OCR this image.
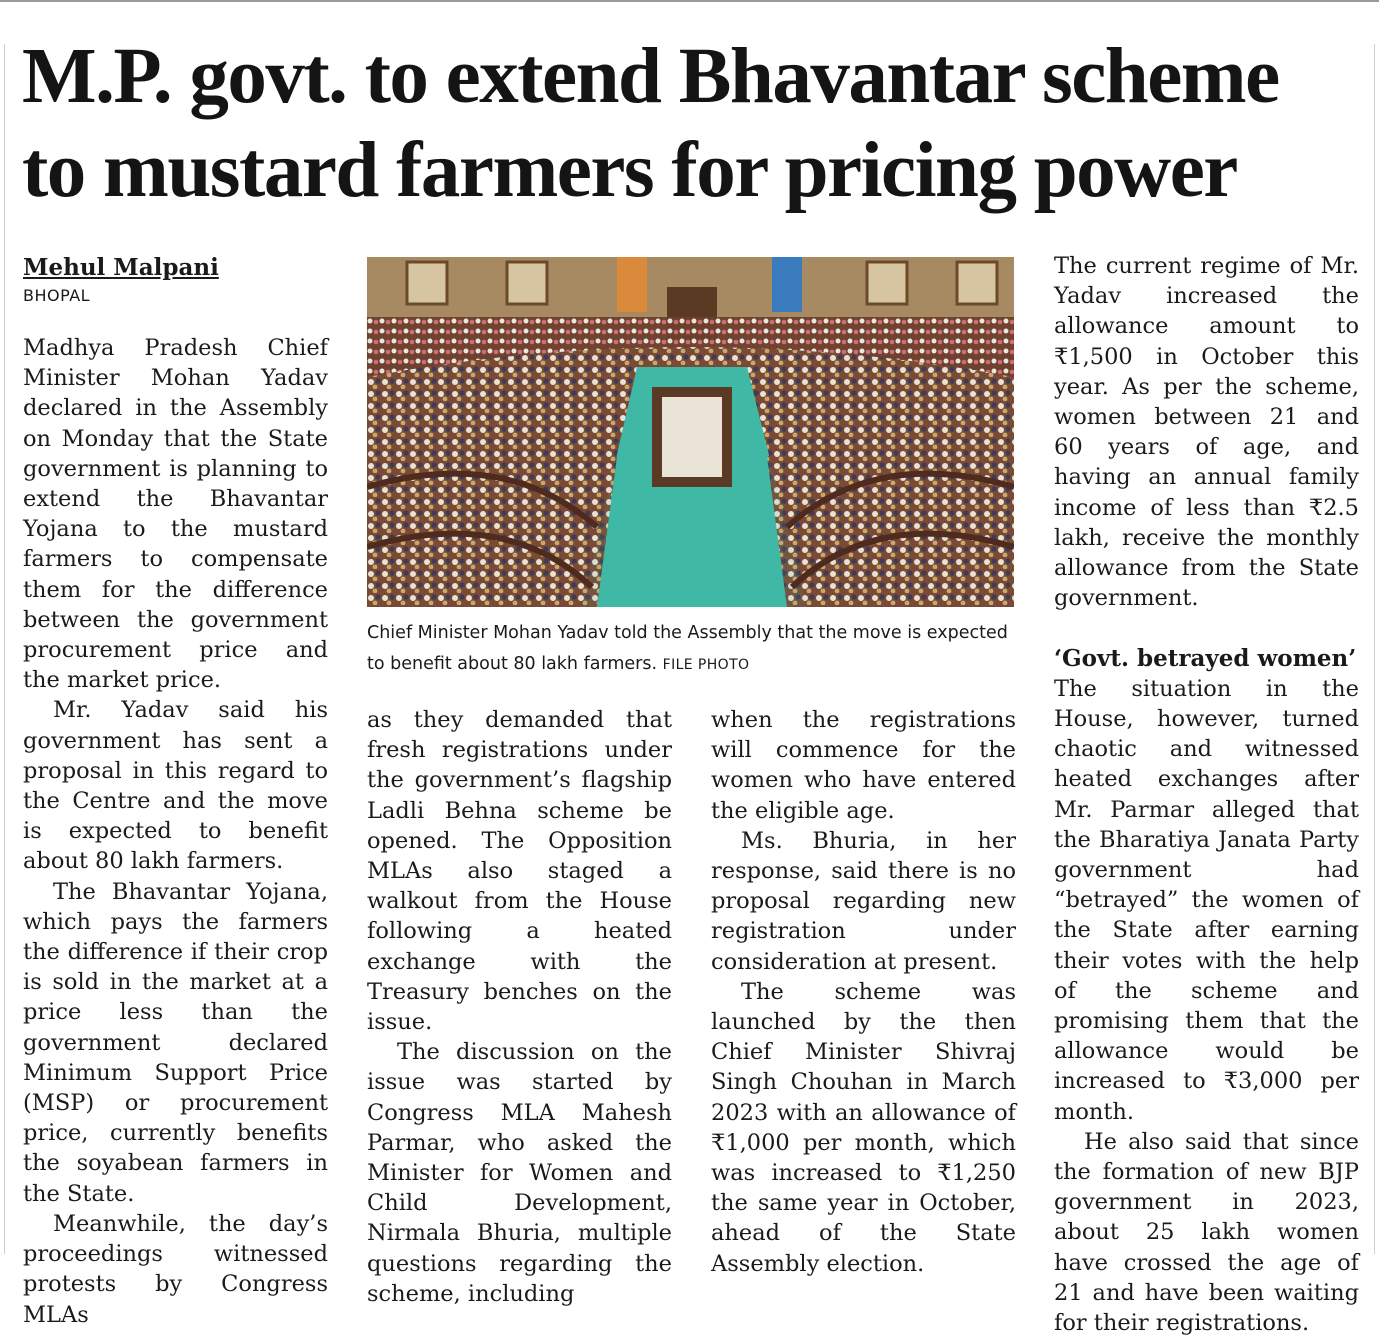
M.P. govt. to extend Bhavantar scheme
to mustard farmers for pricing power
Mehul Malpani
BHOPAL

Madhya Pradesh Chief Minister Mohan Yadav declared in the Assembly on Monday that the State government is planning to extend the Bhavantar Yojana to the mustard farmers to compensate them for the difference between the government procurement price and the market price.

Mr. Yadav said his government has sent a proposal in this regard to the Centre and the move is expected to benefit about 80 lakh farmers.

The Bhavantar Yojana, which pays the farmers the difference if their crop is sold in the market at a price less than the government declared Minimum Support Price (MSP) or procurement price, currently benefits the soyabean farmers in the State.

Meanwhile, the day’s proceedings witnessed protests by Congress MLAs

Chief Minister Mohan Yadav told the Assembly that the move is expected to benefit about 80 lakh farmers. FILE PHOTO

as they demanded that fresh registrations under the government’s flagship Ladli Behna scheme be opened. The Opposition MLAs also staged a walkout from the House following a heated exchange with the Treasury benches on the issue.

The discussion on the issue was started by Congress MLA Mahesh Parmar, who asked the Minister for Women and Child Development, Nirmala Bhuria, multiple questions regarding the scheme, including

when the registrations will commence for the women who have entered the eligible age.

Ms. Bhuria, in her response, said there is no proposal regarding new registration under consideration at present.

The scheme was launched by the then Chief Minister Shivraj Singh Chouhan in March 2023 with an allowance of ₹1,000 per month, which was increased to ₹1,250 the same year in October, ahead of the State Assembly election.

The current regime of Mr. Yadav increased the allowance amount to ₹1,500 in October this year. As per the scheme, women between 21 and 60 years of age, and having an annual family income of less than ₹2.5 lakh, receive the monthly allowance from the State government.

‘Govt. betrayed women’

The situation in the House, however, turned chaotic and witnessed heated exchanges after Mr. Parmar alleged that the Bharatiya Janata Party government had “betrayed” the women of the State after earning their votes with the help of the scheme and promising them that the allowance would be increased to ₹3,000 per month.

He also said that since the formation of new BJP government in 2023, about 25 lakh women have crossed the age of 21 and have been waiting for their registrations.
